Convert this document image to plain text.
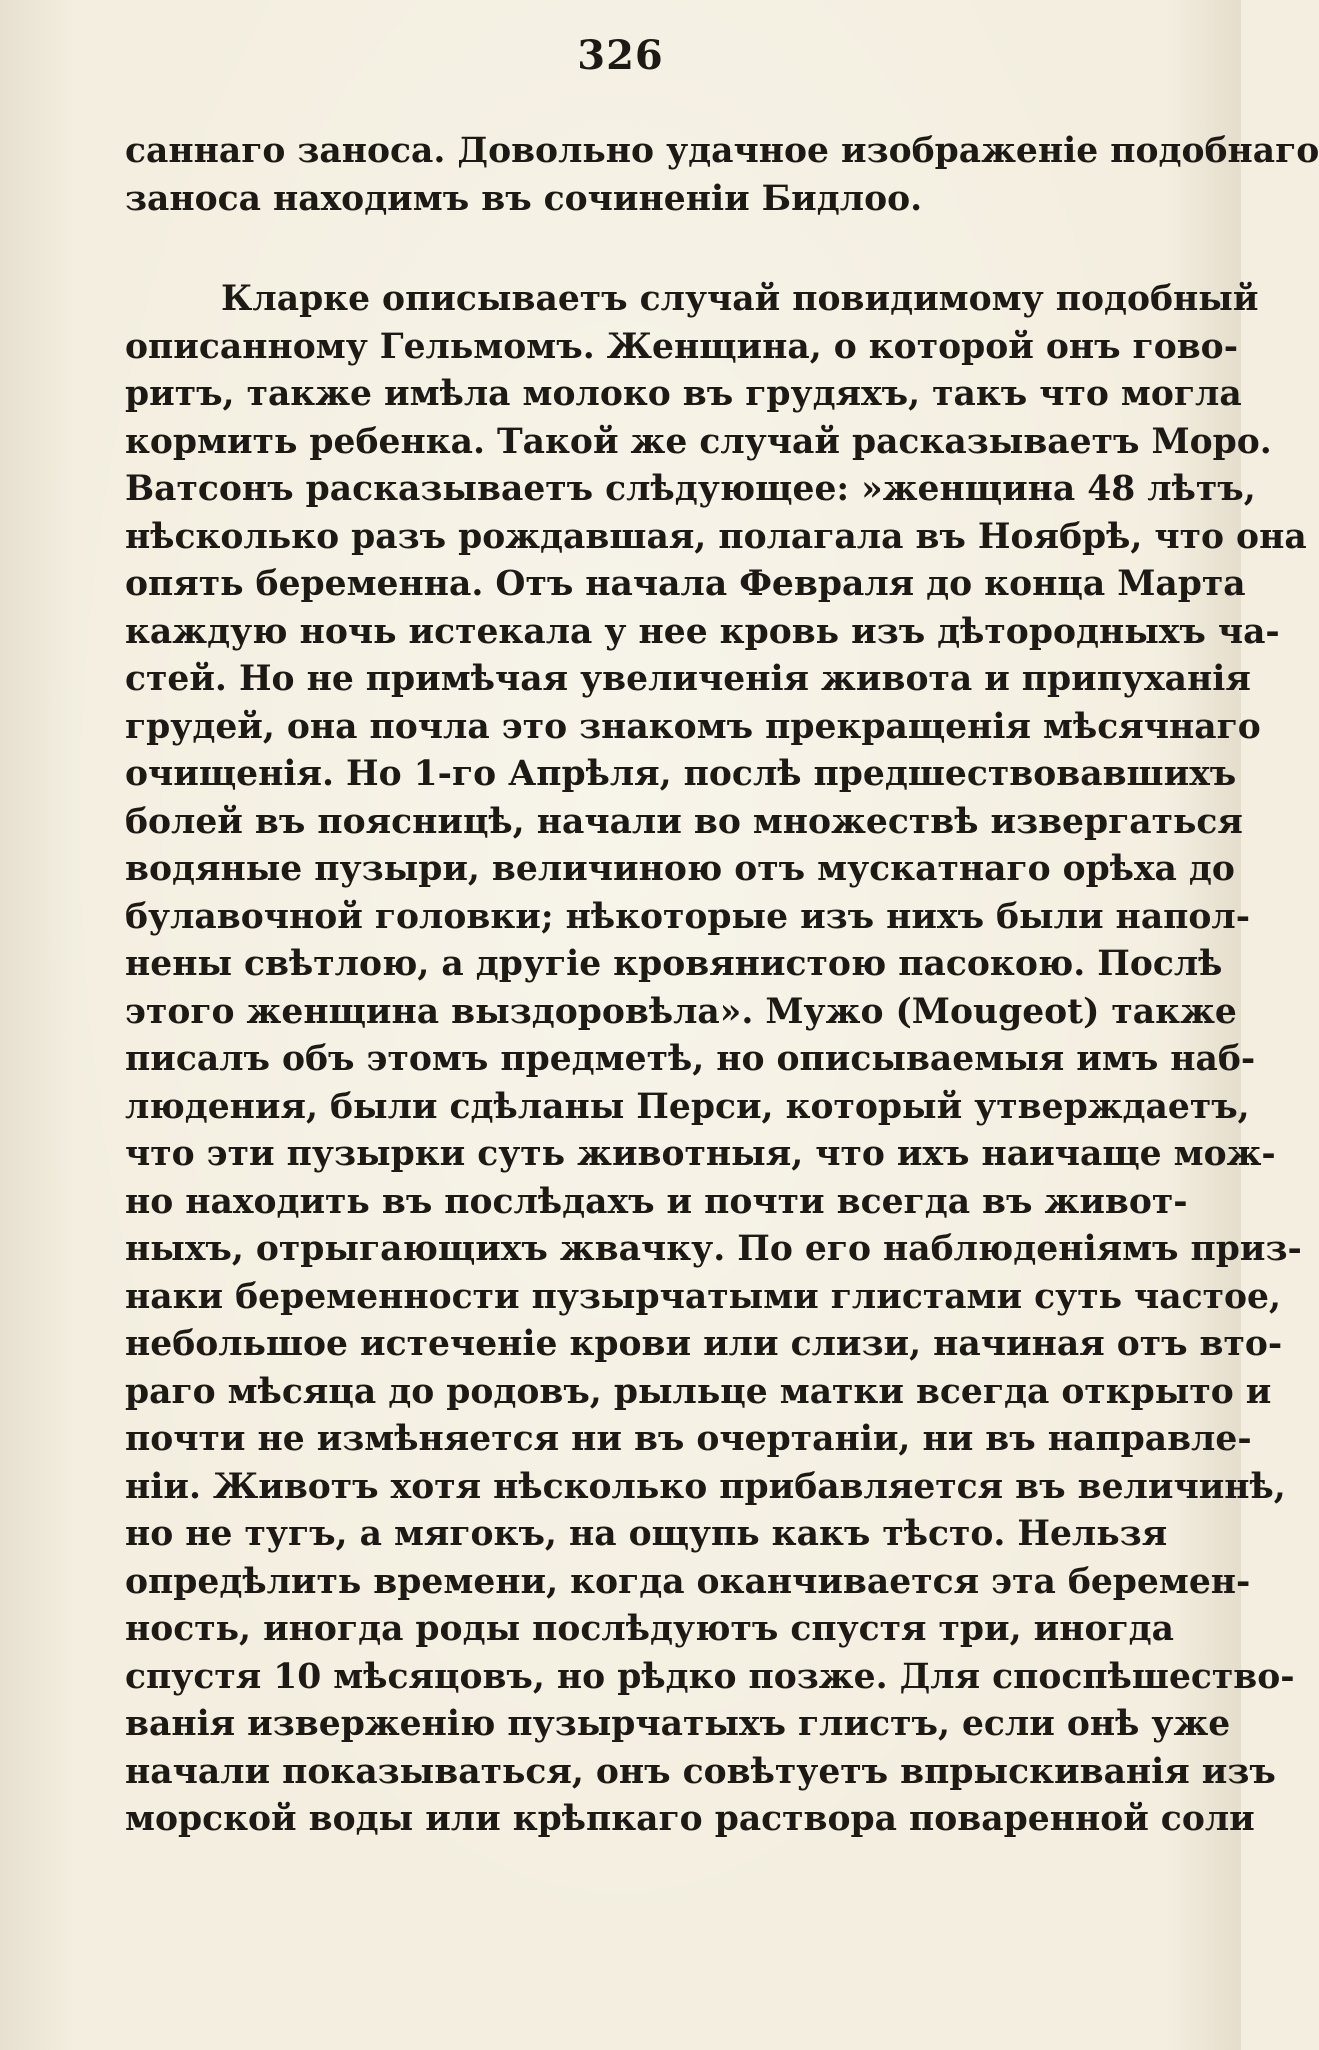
326
саннаго заноса. Довольно удачное изображеніе подобнаго
заноса находимъ въ сочиненіи Бидлоо.
Кларке описываетъ случай повидимому подобный
описанному Гельмомъ. Женщина, о которой онъ гово-
ритъ, также имѣла молоко въ грудяхъ, такъ что могла
кормить ребенка. Такой же случай расказываетъ Моро.
Ватсонъ расказываетъ слѣдующее: »женщина 48 лѣтъ,
нѣсколько разъ рождавшая, полагала въ Ноябрѣ, что она
опять беременна. Отъ начала Февраля до конца Марта
каждую ночь истекала у нее кровь изъ дѣтородныхъ ча-
стей. Но не примѣчая увеличенія живота и припуханія
грудей, она почла это знакомъ прекращенія мѣсячнаго
очищенія. Но 1-го Апрѣля, послѣ предшествовавшихъ
болей въ поясницѣ, начали во множествѣ извергаться
водяные пузыри, величиною отъ мускатнаго орѣха до
булавочной головки; нѣкоторые изъ нихъ были напол-
нены свѣтлою, а другіе кровянистою пасокою. Послѣ
этого женщина выздоровѣла». Мужо (Mougeot) также
писалъ объ этомъ предметѣ, но описываемыя имъ наб-
людения, были сдѣланы Перси, который утверждаетъ,
что эти пузырки суть животныя, что ихъ наичаще мож-
но находить въ послѣдахъ и почти всегда въ живот-
ныхъ, отрыгающихъ жвачку. По его наблюденіямъ приз-
наки беременности пузырчатыми глистами суть частое,
небольшое истеченіе крови или слизи, начиная отъ вто-
раго мѣсяца до родовъ, рыльце матки всегда открыто и
почти не измѣняется ни въ очертаніи, ни въ направле-
ніи. Животъ хотя нѣсколько прибавляется въ величинѣ,
но не тугъ, а мягокъ, на ощупь какъ тѣсто. Нельзя
опредѣлить времени, когда оканчивается эта беремен-
ность, иногда роды послѣдуютъ спустя три, иногда
спустя 10 мѣсяцовъ, но рѣдко позже. Для споспѣшество-
ванія изверженію пузырчатыхъ глистъ, если онѣ уже
начали показываться, онъ совѣтуетъ впрыскиванія изъ
морской воды или крѣпкаго раствора поваренной соли
